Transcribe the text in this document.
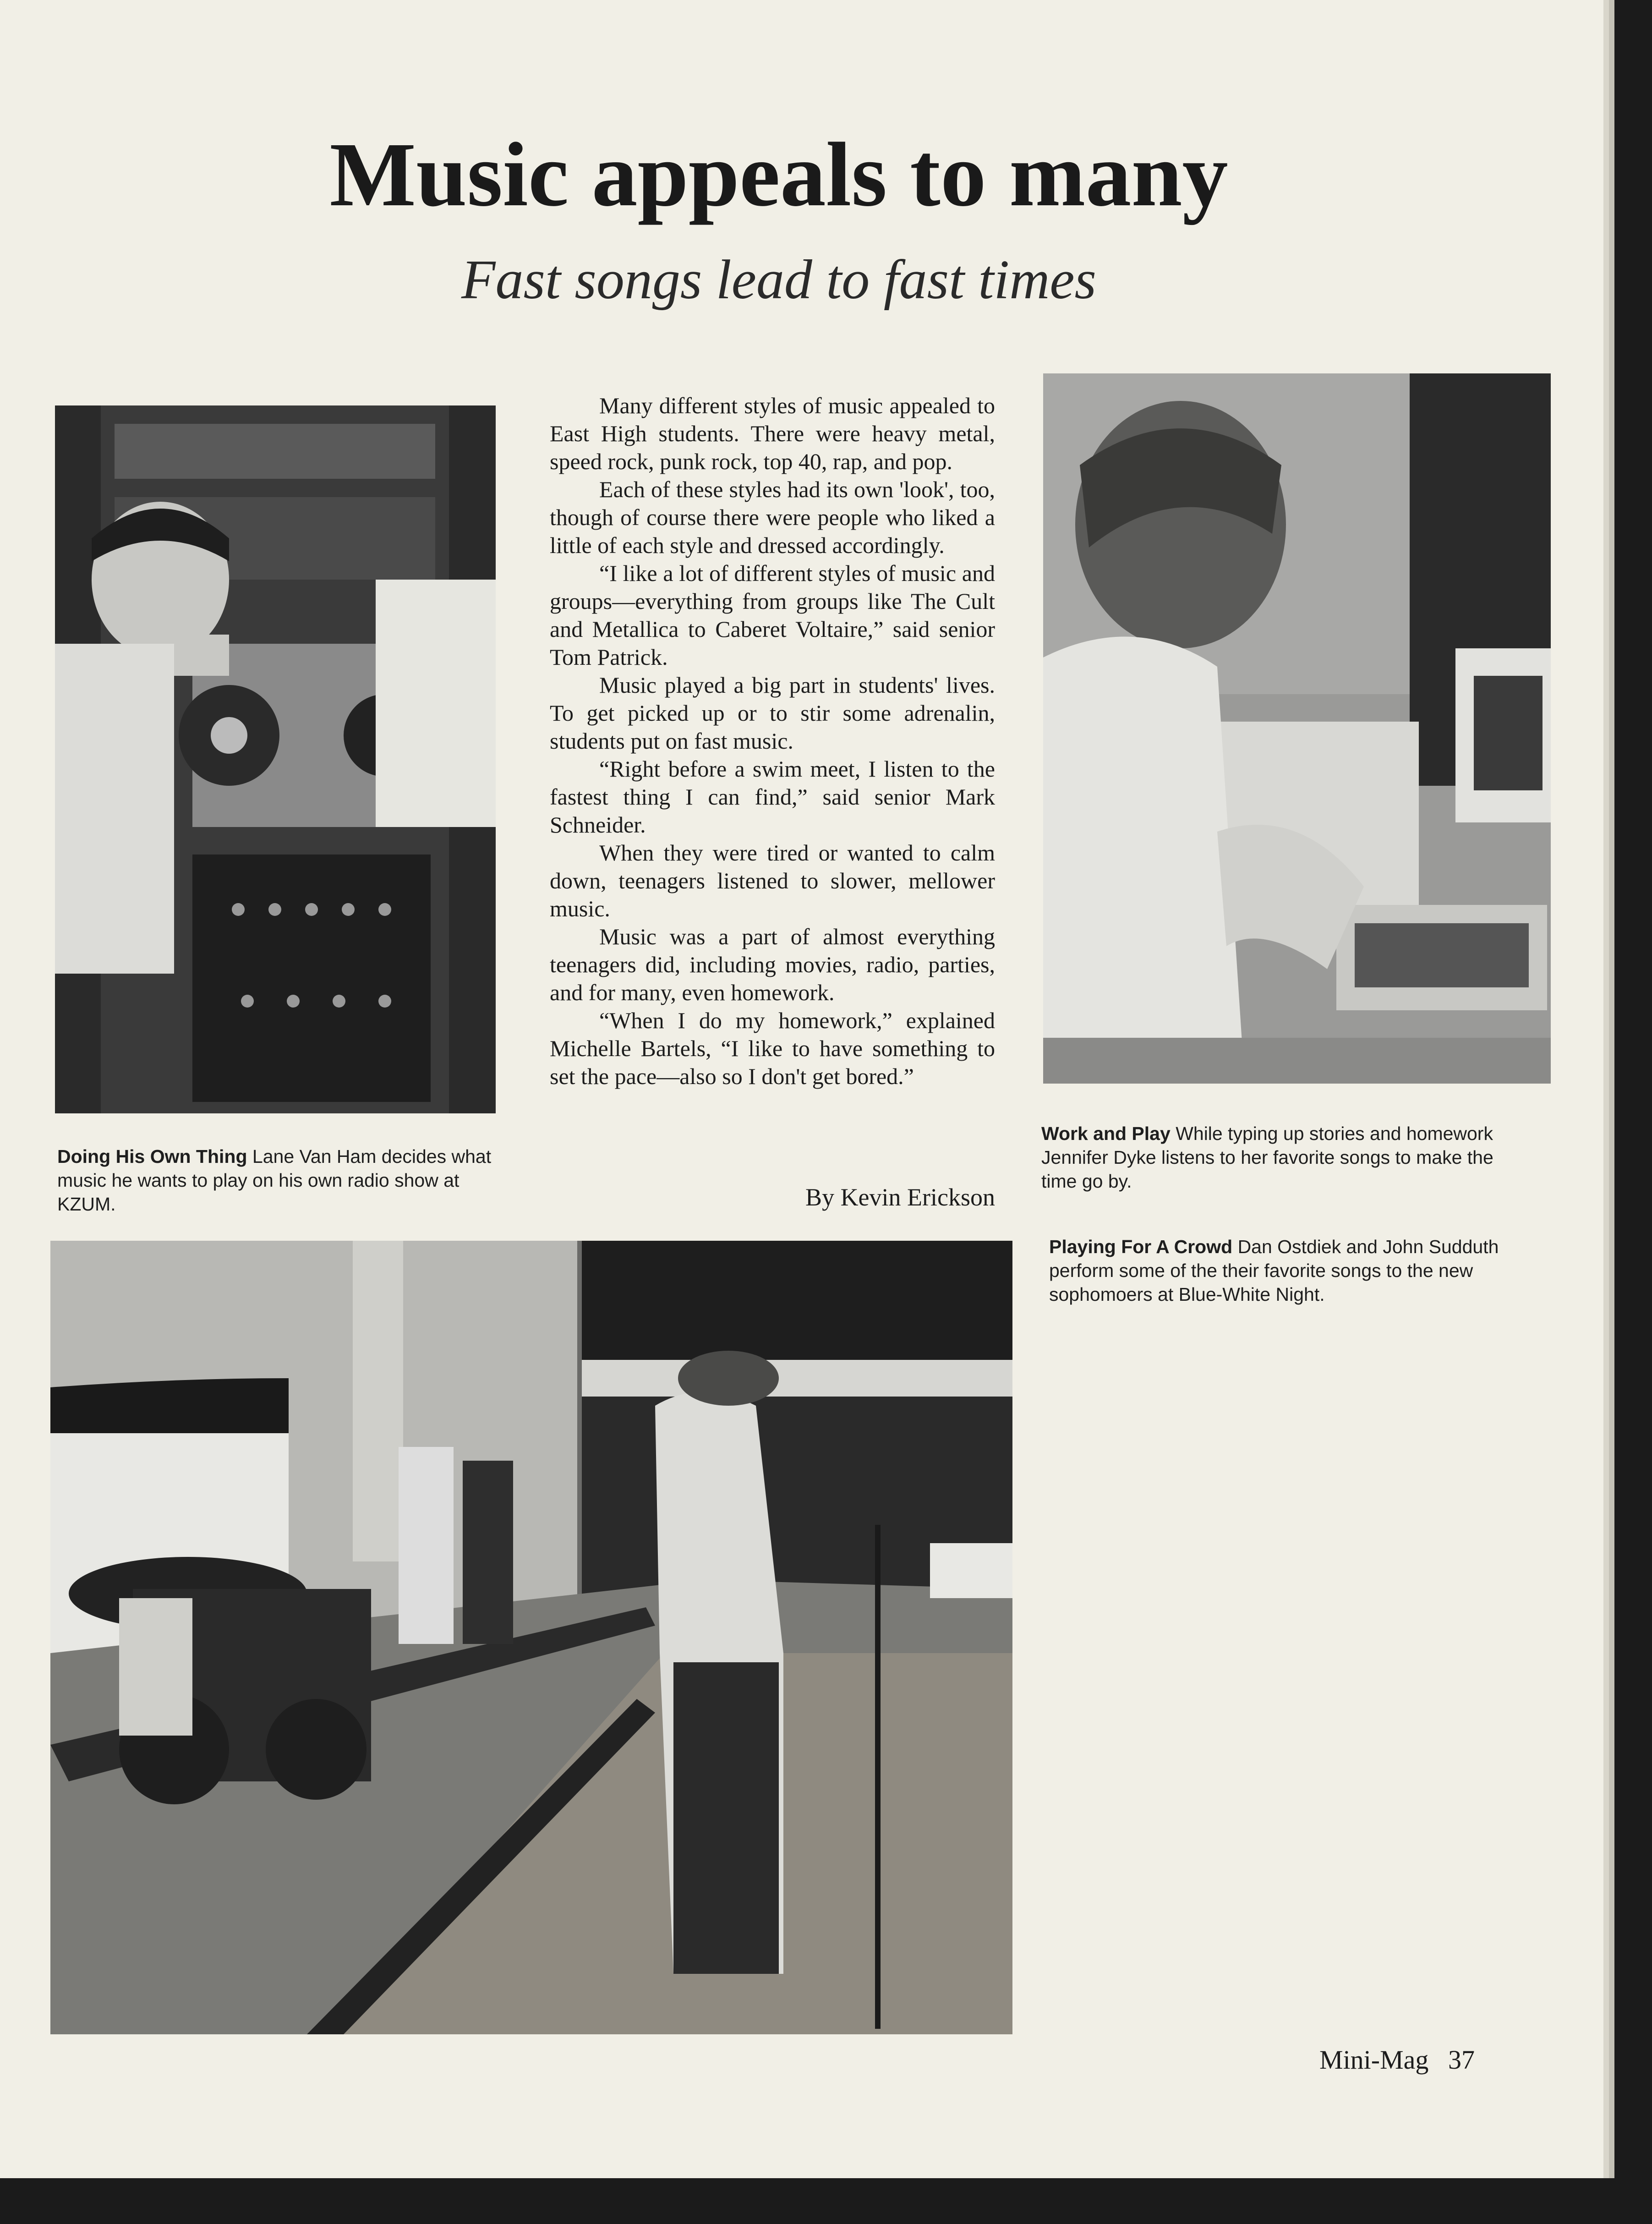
Music appeals to many
Fast songs lead to fast times
Doing His Own Thing Lane Van Ham decides what music he wants to play on his own radio show at KZUM.

Many different styles of music appealed to East High students. There were heavy metal, speed rock, punk rock, top 40, rap, and pop.

Each of these styles had its own 'look', too, though of course there were people who liked a little of each style and dressed accordingly.

“I like a lot of different styles of music and groups—everything from groups like The Cult and Metallica to Caberet Voltaire,” said senior Tom Patrick.

Music played a big part in students' lives. To get picked up or to stir some adrenalin, students put on fast music.

“Right before a swim meet, I listen to the fastest thing I can find,” said senior Mark Schneider.

When they were tired or wanted to calm down, teenagers listened to slower, mellower music.

Music was a part of almost everything teenagers did, including movies, radio, parties, and for many, even homework.

“When I do my homework,” explained Michelle Bartels, “I like to have something to set the pace—also so I don't get bored.”

By Kevin Erickson
Work and Play While typing up stories and homework Jennifer Dyke listens to her favorite songs to make the time go by.
Playing For A Crowd Dan Ostdiek and John Sudduth perform some of the their favorite songs to the new sophomoers at Blue-White Night.
Mini-Mag 37
